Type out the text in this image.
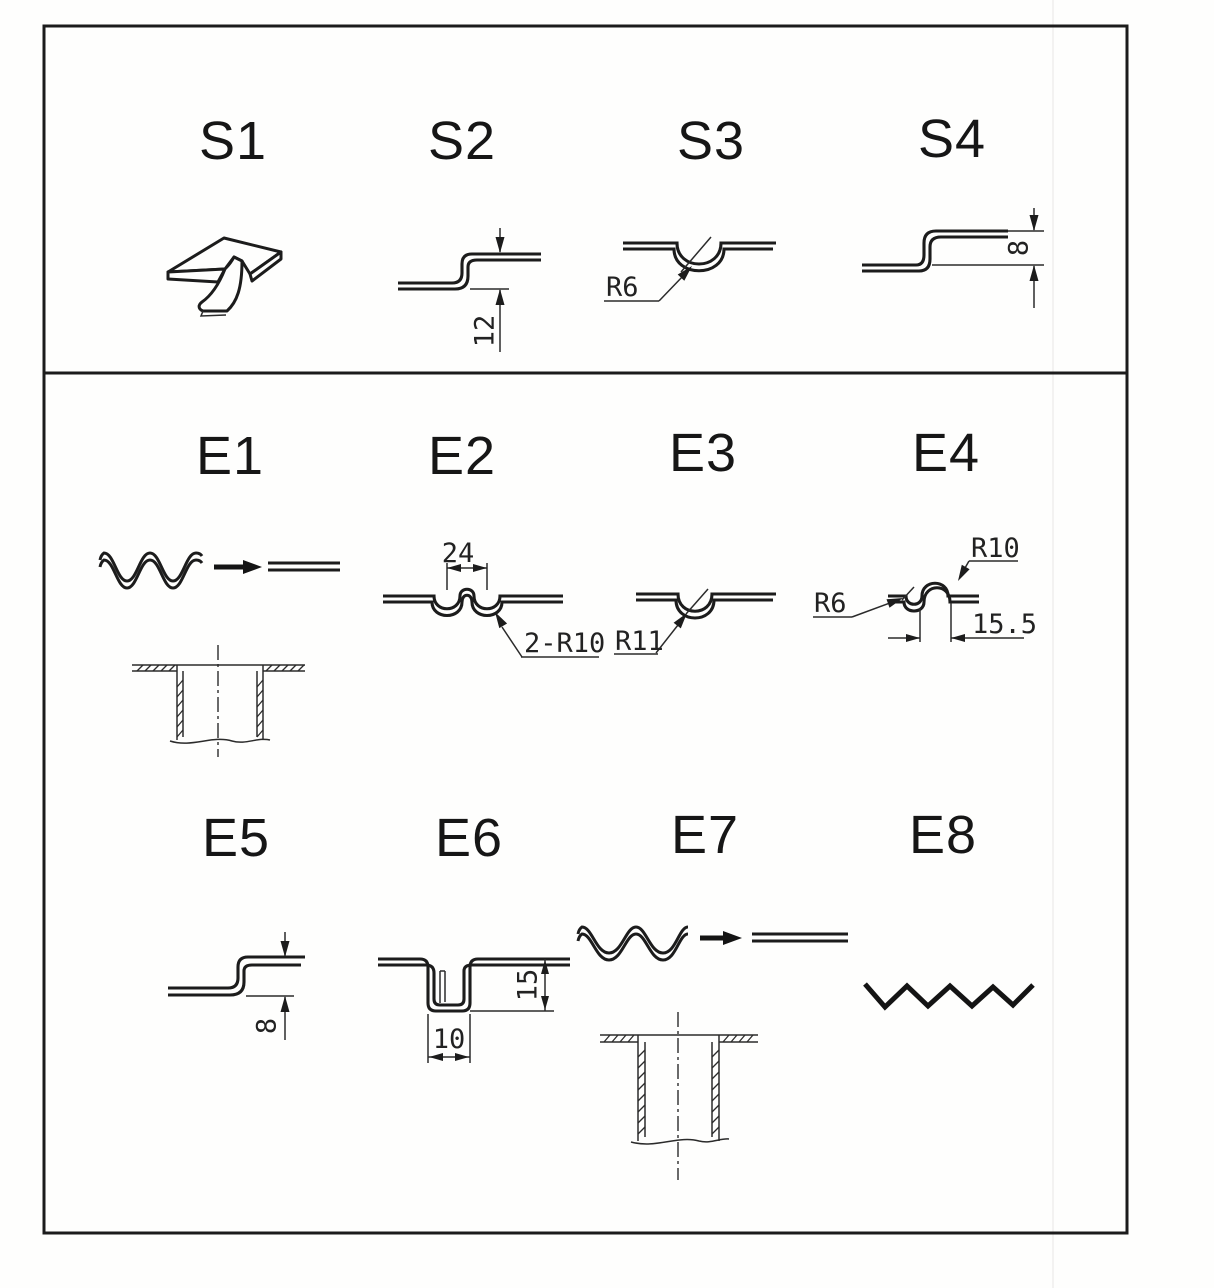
12
R6
8
24
2-R10 R11
R10
R6
15.5
8
15
10
S1	S2	S3	S4
E1	E2	E3	E4
E5	E6	E7	E8
